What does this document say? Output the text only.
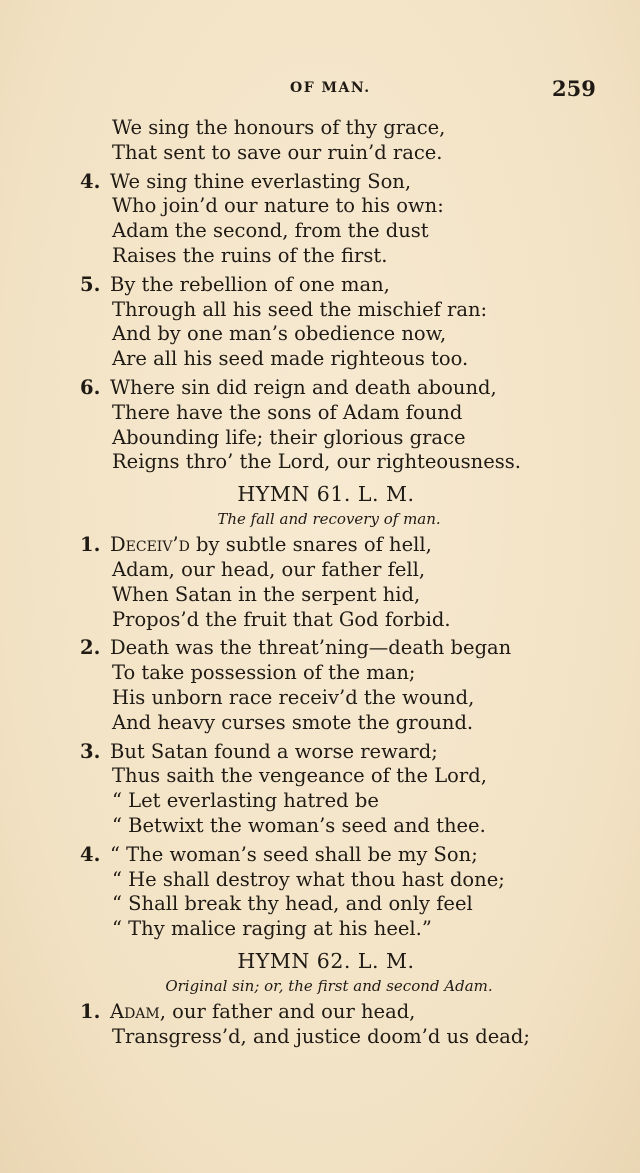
OF MAN.	259
We sing the honours of thy grace,
That sent to save our ruin’d race.
4. We sing thine everlasting Son,
Who join’d our nature to his own:
Adam the second, from the dust
Raises the ruins of the first.
5. By the rebellion of one man,
Through all his seed the mischief ran:
And by one man’s obedience now,
Are all his seed made righteous too.
6. Where sin did reign and death abound,
There have the sons of Adam found
Abounding life; their glorious grace
Reigns thro’ the Lord, our righteousness.
HYMN 61. L. M.
The fall and recovery of man.
1. Deceiv’d by subtle snares of hell,
Adam, our head, our father fell,
When Satan in the serpent hid,
Propos’d the fruit that God forbid.
2. Death was the threat’ning—death began
To take possession of the man;
His unborn race receiv’d the wound,
And heavy curses smote the ground.
3. But Satan found a worse reward;
Thus saith the vengeance of the Lord,
“ Let everlasting hatred be
“ Betwixt the woman’s seed and thee.
4. “ The woman’s seed shall be my Son;
“ He shall destroy what thou hast done;
“ Shall break thy head, and only feel
“ Thy malice raging at his heel.”
HYMN 62. L. M.
Original sin; or, the first and second Adam.
1. Adam, our father and our head,
Transgress’d, and justice doom’d us dead;
